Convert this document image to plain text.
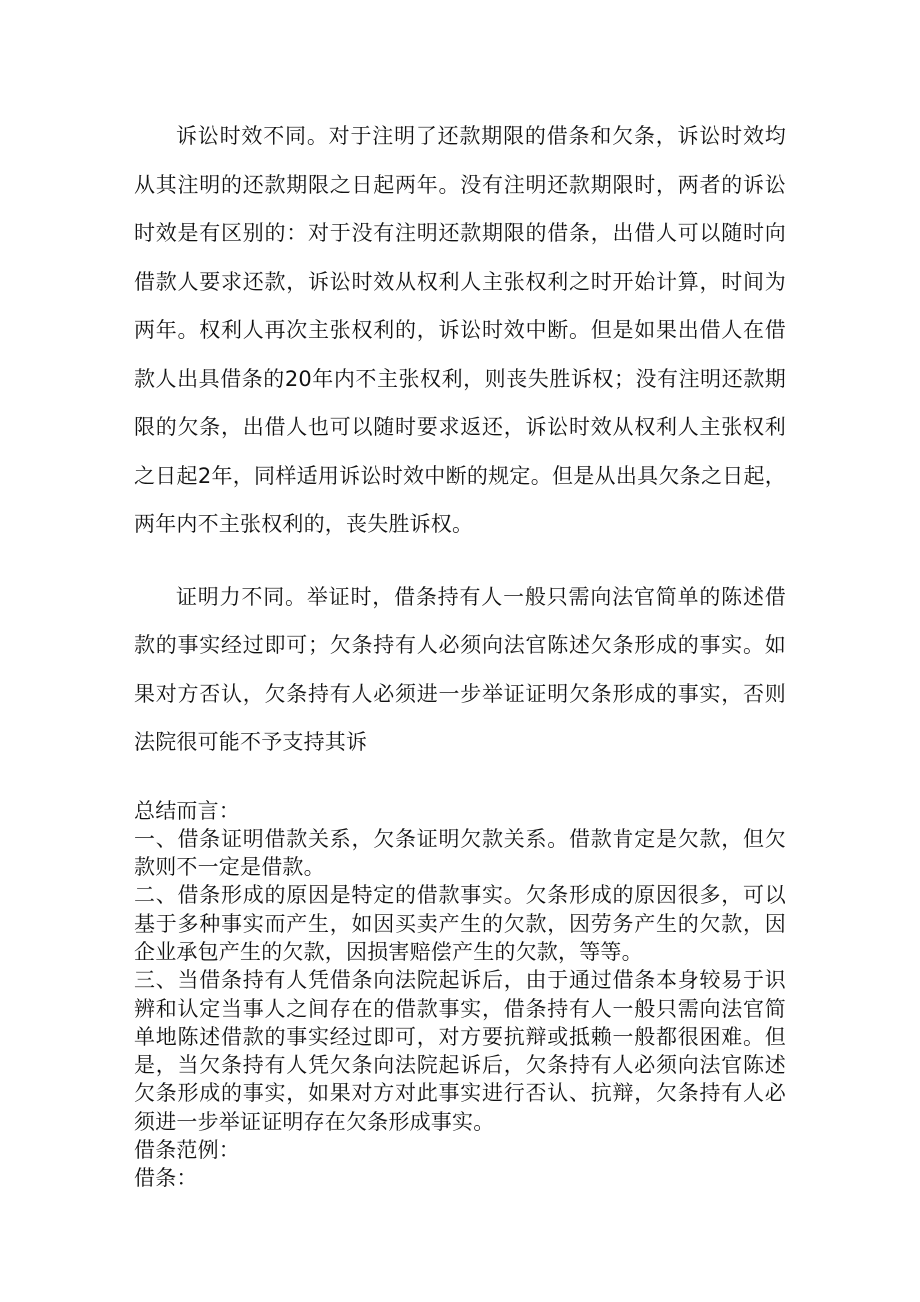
诉讼时效不同。对于注明了还款期限的借条和欠条，诉讼时效均从其注明的还款期限之日起两年。没有注明还款期限时，两者的诉讼时效是有区别的：对于没有注明还款期限的借条，出借人可以随时向借款人要求还款，诉讼时效从权利人主张权利之时开始计算，时间为两年。权利人再次主张权利的，诉讼时效中断。但是如果出借人在借款人出具借条的20年内不主张权利，则丧失胜诉权；没有注明还款期限的欠条，出借人也可以随时要求返还，诉讼时效从权利人主张权利之日起2年，同样适用诉讼时效中断的规定。但是从出具欠条之日起，两年内不主张权利的，丧失胜诉权。

证明力不同。举证时，借条持有人一般只需向法官简单的陈述借款的事实经过即可；欠条持有人必须向法官陈述欠条形成的事实。如果对方否认，欠条持有人必须进一步举证证明欠条形成的事实，否则法院很可能不予支持其诉

总结而言：

一、借条证明借款关系，欠条证明欠款关系。借款肯定是欠款，但欠款则不一定是借款。

二、借条形成的原因是特定的借款事实。欠条形成的原因很多，可以基于多种事实而产生，如因买卖产生的欠款，因劳务产生的欠款，因企业承包产生的欠款，因损害赔偿产生的欠款，等等。

三、当借条持有人凭借条向法院起诉后，由于通过借条本身较易于识辨和认定当事人之间存在的借款事实，借条持有人一般只需向法官简单地陈述借款的事实经过即可，对方要抗辩或抵赖一般都很困难。但是，当欠条持有人凭欠条向法院起诉后，欠条持有人必须向法官陈述欠条形成的事实，如果对方对此事实进行否认、抗辩，欠条持有人必须进一步举证证明存在欠条形成事实。

借条范例：

借条：
